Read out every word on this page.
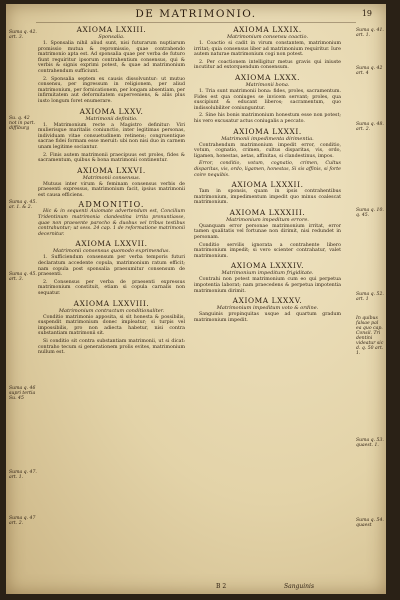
DE MATRIMONIO.	19
Suma q. 42. art. 3.
Su. q. 42 not in part. diffiburg
Suma q. 45. ar. 1. & 2.
Suma q. 45. art. 3.
Suma q. 46 supri tertia Su. 45
Suma q. 47. art. 1.
Suma q. 47 art. 2.
Suma q. 41. art. 1.
Suma q. 42 art. 4
Suma q. 48. art. 2.
Suma q. 10. q. 45.
Suma q. 52. art. 1
In quibus falsae pal ea quo cap. Consil. Tri dentini videatur sic d. q. 50 art. 1.
Suma q. 53. quaest. 1.
Suma q. 54. quaest
AXIOMA LXXIII.
Sponsalia.
1. Sponsalia nihil aliud sunt, nisi futurarum nuptiarum promissio mutua & repromissio, quae contrahendo matrimonio apta est. Ad sponsalia quae per verba de futuro fiunt requiritur ipsorum contrahentium consensus, qui & verbis & signis exprimi potest, & quae ad matrimonium contrahendum sufficiunt.
2. Sponsalia septem ex causis dissolvuntur: ut mutuo consensu, per ingressum in religionem, per aliud matrimonium, per fornicationem, per longam absentiam, per infirmitatem aut deformitatem superveniens, & aliis plus iusto longum foret enumerare.
AXIOMA LXXV.
Matrimonii definitio.
1. Matrimonium recte a Magistro definitur: Viri mulierisque maritalis coniunctio, inter legitimas personas, individuam vitae consuetudinem retinens; congruentique sacrae fidei formam esse meruit: ubi non nisi duo in carnem unam legitime sociantur.
2. Finis autem matrimonii praecipuus est proles, fides & sacramentum, quibus & bona matrimonii continentur.
AXIOMA LXXVI.
Matrimonii consensus.
Mutuus inter virum & feminam consensus verbis de praesenti expressus, matrimonium facit, ipsius matrimonii est causa efficiens.
ADMONITIO.
Hic & in sequenti Axiomate advertendum est, Concilium Tridentinum matrimonia clandestina irrita pronuntiasse, quae non praesente parocho & duobus vel tribus testibus contrahuntur; ut sess. 24 cap. 1 de reformatione matrimonii decernitur.
AXIOMA LXXVII.
Matrimonii consensus quomodo exprimendus.
1. Sufficiendum consensum per verba temporis futuri declaratum accedente copula, matrimonium ratum efficit; nam copula post sponsalia praesumitur consensum de praesenti.
2. Consensus per verba de praesenti expressus matrimonium constituit, etiam si copula carnalis non sequatur.
AXIOMA LXXVIII.
Matrimonium contractum conditionaliter.
Conditio matrimonio apposita, si sit honesta & possibilis, suspendit matrimonium donec impleatur; si turpis vel impossibilis, pro non adiecta habetur, nisi contra substantiam matrimonii sit.
Si conditio sit contra substantiam matrimonii, ut si dicat: contraho tecum si generationem prolis evites, matrimonium nullum est.
AXIOMA LXXIX.
Matrimonium consensu coactio.
1. Coactio si cadit in virum constantem, matrimonium irritat; quia consensus liber ad matrimonium requiritur. Iure autem naturae matrimonium cogi non potest.
2. Per coactionem intelligitur metus gravis qui iniuste incutitur ad extorquendum consensum.
AXIOMA LXXX.
Matrimonii bona.
1. Tria sunt matrimonii bona: fides, proles, sacramentum. Fides est qua coniuges se invicem servant; proles, qua suscipiunt & educant liberos; sacramentum, quo indissolubiliter coniunguntur.
2. Sine his bonis matrimonium honestum esse non potest; his vero excusatur actus coniugalis a peccato.
AXIOMA LXXXI.
Matrimonii impedimenta dirimentia.
Contrahendum matrimonium impedit error, conditio, votum, cognatio, crimen, cultus disparitas, vis, ordo, ligamen, honestas, aetas, affinitas, si clandestinus, impos.
Error, conditio, votum, cognatio, crimen, Cultus disparitas, vis, ordo, ligamen, honestas, Si sis affinis, si forte coire nequibis.
AXIOMA LXXXII.
Tam in sponsis, quam in ipsis contrahentibus matrimonium, impedimentum impedit quo minus coalescat matrimonium.
AXIOMA LXXXIII.
Matrimonium impeditum errore.
Quanquam error personae matrimonium irritat, error tamen qualitatis vel fortunae non dirimit, nisi redundet in personam.
Conditio servilis ignorata a contrahente libero matrimonium impedit; si vero scienter contrahatur, valet matrimonium.
AXIOMA LXXXIV.
Matrimonium impeditum frigiditate.
Contrahi non potest matrimonium cum eo qui perpetua impotentia laborat; nam praecedens & perpetua impotentia matrimonium dirimit.
AXIOMA LXXXV.
Matrimonium impeditum voto & ordine.
Sanguinis propinquitas usque ad quartum gradum matrimonium impedit.
B 2	Sanguinis
